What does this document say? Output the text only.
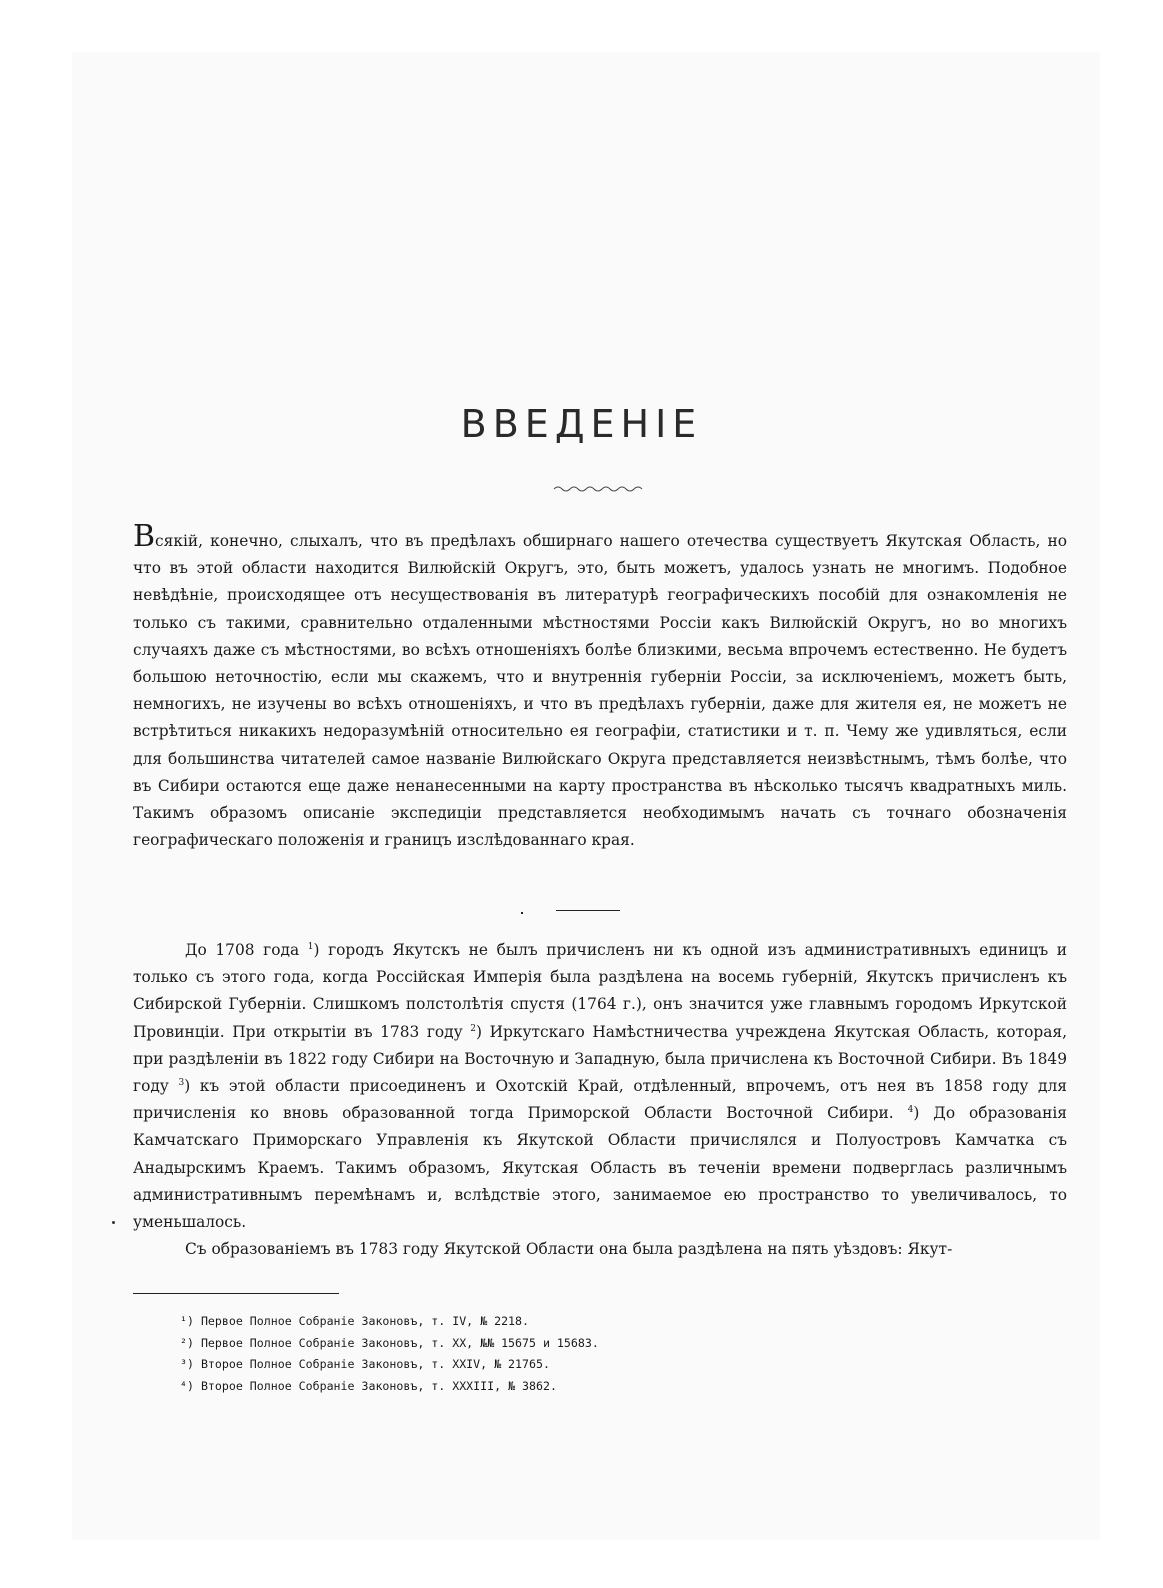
ВВЕДЕНІЕ

Всякій, конечно, слыхалъ, что въ предѣлахъ обширнаго нашего отечества существуетъ Якутская Область, но что въ этой области находится Вилюйскій Округъ, это, быть можетъ, удалось узнать не многимъ. Подобное невѣдѣніе, происходящее отъ несуществованія въ литературѣ географическихъ пособій для ознакомленія не только съ такими, сравнительно отдаленными мѣстностями Россіи какъ Вилюйскій Округъ, но во многихъ случаяхъ даже съ мѣстностями, во всѣхъ отношеніяхъ болѣе близкими, весьма впрочемъ естественно. Не будетъ большою неточностію, если мы скажемъ, что и внутреннія губерніи Россіи, за исключеніемъ, можетъ быть, немногихъ, не изучены во всѣхъ отношеніяхъ, и что въ предѣлахъ губерніи, даже для жителя ея, не можетъ не встрѣтиться никакихъ недоразумѣній относительно ея географіи, статистики и т. п. Чему же удивляться, если для большинства читателей самое названіе Вилюйскаго Округа представляется неизвѣстнымъ, тѣмъ болѣе, что въ Сибири остаются еще даже ненанесенными на карту пространства въ нѣсколько тысячъ квадратныхъ миль. Такимъ образомъ описаніе экспедиціи представляется необходимымъ начать съ точнаго обозначенія географическаго положенія и границъ изслѣдованнаго края.

До 1708 года $^1$) городъ Якутскъ не былъ причисленъ ни къ одной изъ административныхъ единицъ и только съ этого года, когда Россійская Имперія была раздѣлена на восемь губерній, Якутскъ причисленъ къ Сибирской Губерніи. Слишкомъ полстолѣтія спустя (1764 г.), онъ значится уже главнымъ городомъ Иркутской Провинціи. При открытіи въ 1783 году $^2$) Иркутскаго Намѣстничества учреждена Якутская Область, которая, при раздѣленіи въ 1822 году Сибири на Восточную и Западную, была причислена къ Восточной Сибири. Въ 1849 году $^3$) къ этой области присоединенъ и Охотскій Край, отдѣленный, впрочемъ, отъ нея въ 1858 году для причисленія ко вновь образованной тогда Приморской Области Восточной Сибири. $^4$) До образованія Камчатскаго Приморскаго Управленія къ Якутской Области причислялся и Полуостровъ Камчатка съ Анадырскимъ Краемъ. Такимъ образомъ, Якутская Область въ теченіи времени подверглась различнымъ административнымъ перемѣнамъ и, вслѣдствіе этого, занимаемое ею пространство то увеличивалось, то уменьшалось.

Съ образованіемъ въ 1783 году Якутской Области она была раздѣлена на пять уѣздовъ: Якут-

¹) Первое Полное Собраніе Законовъ, т. IV, № 2218.
²) Первое Полное Собраніе Законовъ, т. XX, №№ 15675 и 15683.
³) Второе Полное Собраніе Законовъ, т. XXIV, № 21765.
⁴) Второе Полное Собраніе Законовъ, т. XXXIII, № 3862.
